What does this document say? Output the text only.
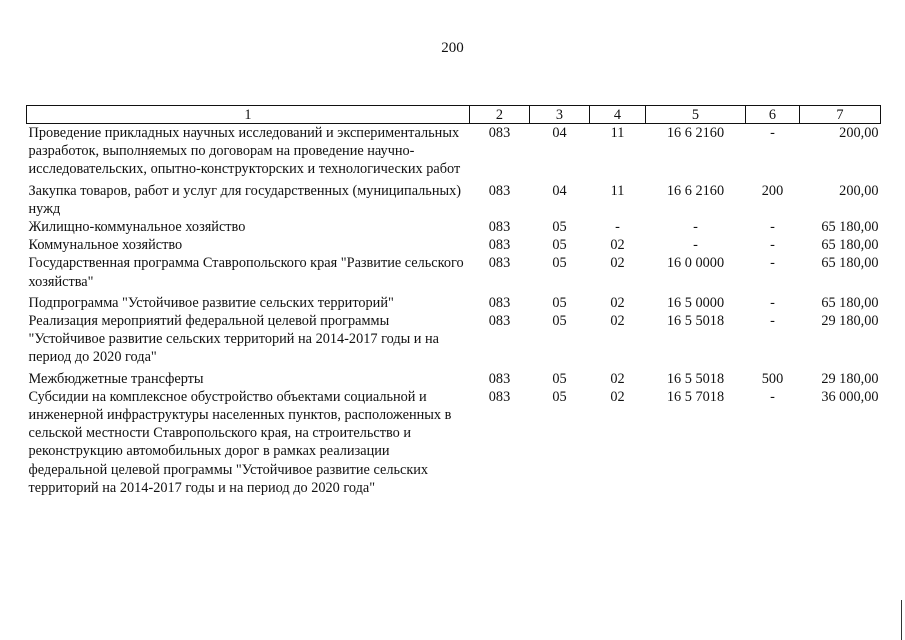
200
1	2	3	4	5	6	7
Проведение прикладных научных исследований и экспериментальных разработок, выполняемых по договорам на проведение научно-исследовательских, опытно-конструкторских и технологических работ	083	04	11	16 6 2160	-	200,00
Закупка товаров, работ и услуг для государственных (муниципальных) нужд	083	04	11	16 6 2160	200	200,00
Жилищно-коммунальное хозяйство	083	05	-	-	-	65 180,00
Коммунальное хозяйство	083	05	02	-	-	65 180,00
Государственная программа Ставропольского края "Развитие сельского хозяйства"	083	05	02	16 0 0000	-	65 180,00
Подпрограмма "Устойчивое развитие сельских территорий"	083	05	02	16 5 0000	-	65 180,00
Реализация мероприятий федеральной целевой программы "Устойчивое развитие сельских территорий на 2014-2017 годы и на период до 2020 года"	083	05	02	16 5 5018	-	29 180,00
Межбюджетные трансферты	083	05	02	16 5 5018	500	29 180,00
Субсидии на комплексное обустройство объектами социальной и инженерной инфраструктуры населенных пунктов, расположенных в сельской местности Ставропольского края, на строительство и реконструкцию автомобильных дорог в рамках реализации федеральной целевой программы "Устойчивое развитие сельских территорий на 2014-2017 годы и на период до 2020 года"	083	05	02	16 5 7018	-	36 000,00
